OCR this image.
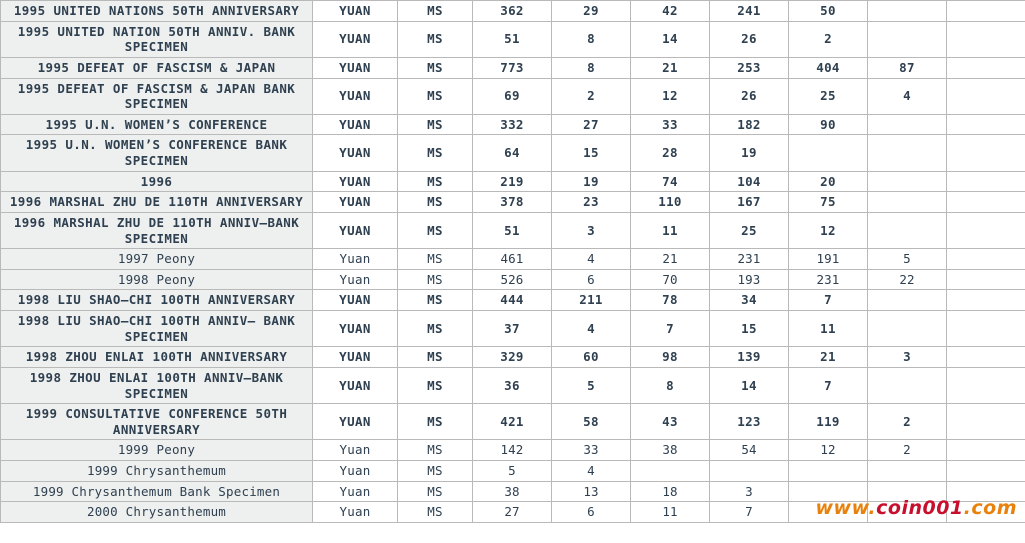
1995 UNITED NATIONS 50TH ANNIVERSARY	YUAN	MS	362	29	42	241	50			
1995 UNITED NATION 50TH ANNIV. BANK SPECIMEN	YUAN	MS	51	8	14	26	2			
1995 DEFEAT OF FASCISM & JAPAN	YUAN	MS	773	8	21	253	404	87		
1995 DEFEAT OF FASCISM & JAPAN BANK SPECIMEN	YUAN	MS	69	2	12	26	25	4		
1995 U.N. WOMEN’S CONFERENCE	YUAN	MS	332	27	33	182	90			
1995 U.N. WOMEN’S CONFERENCE BANK SPECIMEN	YUAN	MS	64	15	28	19				
1996	YUAN	MS	219	19	74	104	20			
1996 MARSHAL ZHU DE 110TH ANNIVERSARY	YUAN	MS	378	23	110	167	75			
1996 MARSHAL ZHU DE 110TH ANNIV–BANK SPECIMEN	YUAN	MS	51	3	11	25	12			
1997 Peony	Yuan	MS	461	4	21	231	191	5		
1998 Peony	Yuan	MS	526	6	70	193	231	22		
1998 LIU SHAO–CHI 100TH ANNIVERSARY	YUAN	MS	444	211	78	34	7			
1998 LIU SHAO–CHI 100TH ANNIV– BANK SPECIMEN	YUAN	MS	37	4	7	15	11			
1998 ZHOU ENLAI 100TH ANNIVERSARY	YUAN	MS	329	60	98	139	21	3		
1998 ZHOU ENLAI 100TH ANNIV–BANK SPECIMEN	YUAN	MS	36	5	8	14	7			
1999 CONSULTATIVE CONFERENCE 50TH ANNIVERSARY	YUAN	MS	421	58	43	123	119	2		
1999 Peony	Yuan	MS	142	33	38	54	12	2		
1999 Chrysanthemum	Yuan	MS	5	4						
1999 Chrysanthemum Bank Specimen	Yuan	MS	38	13	18	3				
2000 Chrysanthemum	Yuan	MS	27	6	11	7					www.coin001.com
